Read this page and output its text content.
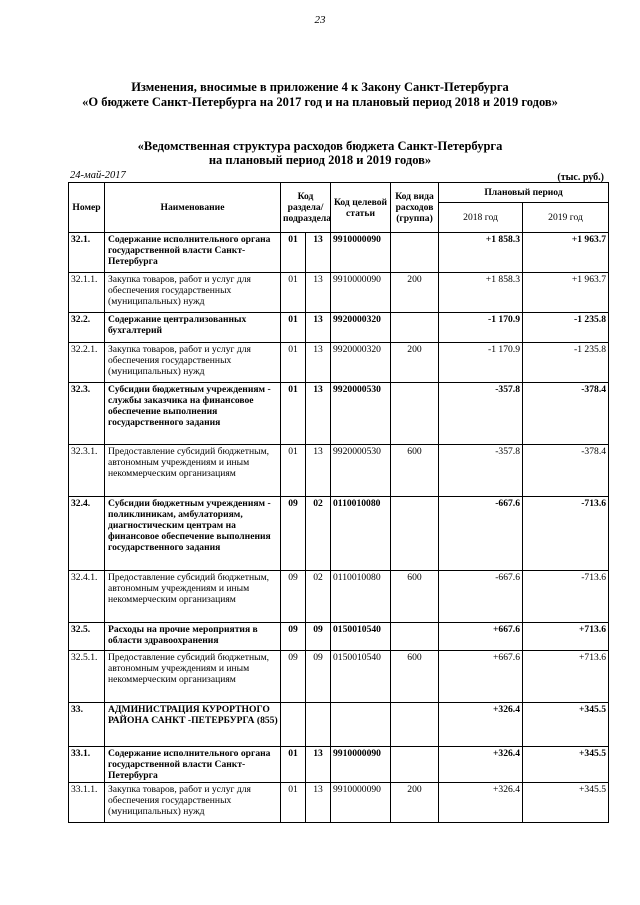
23
Изменения, вносимые в приложение 4 к Закону Санкт-Петербурга
«О бюджете Санкт-Петербурга на 2017 год и на плановый период 2018 и 2019 годов»
«Ведомственная структура расходов бюджета Санкт-Петербурга
на плановый период 2018 и 2019 годов»
24-май-2017	(тыс. руб.)
Номер	Наименование	Код раздела/ подраздела		Код целевой статьи	Код вида расходов (группа)	Плановый период	
						2018 год	2019 год
32.1.	Содержание исполнительного органа государственной власти Санкт-Петербурга	01	13	9910000090		+1 858.3	+1 963.7
32.1.1.	Закупка товаров, работ и услуг для обеспечения государственных (муниципальных) нужд	01	13	9910000090	200	+1 858.3	+1 963.7
32.2.	Содержание централизованных бухгалтерий	01	13	9920000320		-1 170.9	-1 235.8
32.2.1.	Закупка товаров, работ и услуг для обеспечения государственных (муниципальных) нужд	01	13	9920000320	200	-1 170.9	-1 235.8
32.3.	Субсидии бюджетным учреждениям - службы заказчика на финансовое обеспечение выполнения государственного задания	01	13	9920000530		-357.8	-378.4
32.3.1.	Предоставление субсидий бюджетным, автономным учреждениям и иным некоммерческим организациям	01	13	9920000530	600	-357.8	-378.4
32.4.	Субсидии бюджетным учреждениям - поликлиникам, амбулаториям, диагностическим центрам на финансовое обеспечение выполнения государственного задания	09	02	0110010080		-667.6	-713.6
32.4.1.	Предоставление субсидий бюджетным, автономным учреждениям и иным некоммерческим организациям	09	02	0110010080	600	-667.6	-713.6
32.5.	Расходы на прочие мероприятия в области здравоохранения	09	09	0150010540		+667.6	+713.6
32.5.1.	Предоставление субсидий бюджетным, автономным учреждениям и иным некоммерческим организациям	09	09	0150010540	600	+667.6	+713.6
33.	АДМИНИСТРАЦИЯ КУРОРТНОГО РАЙОНА САНКТ -ПЕТЕРБУРГА (855)					+326.4	+345.5
33.1.	Содержание исполнительного органа государственной власти Санкт-Петербурга	01	13	9910000090		+326.4	+345.5
33.1.1.	Закупка товаров, работ и услуг для обеспечения государственных (муниципальных) нужд	01	13	9910000090	200	+326.4	+345.5
